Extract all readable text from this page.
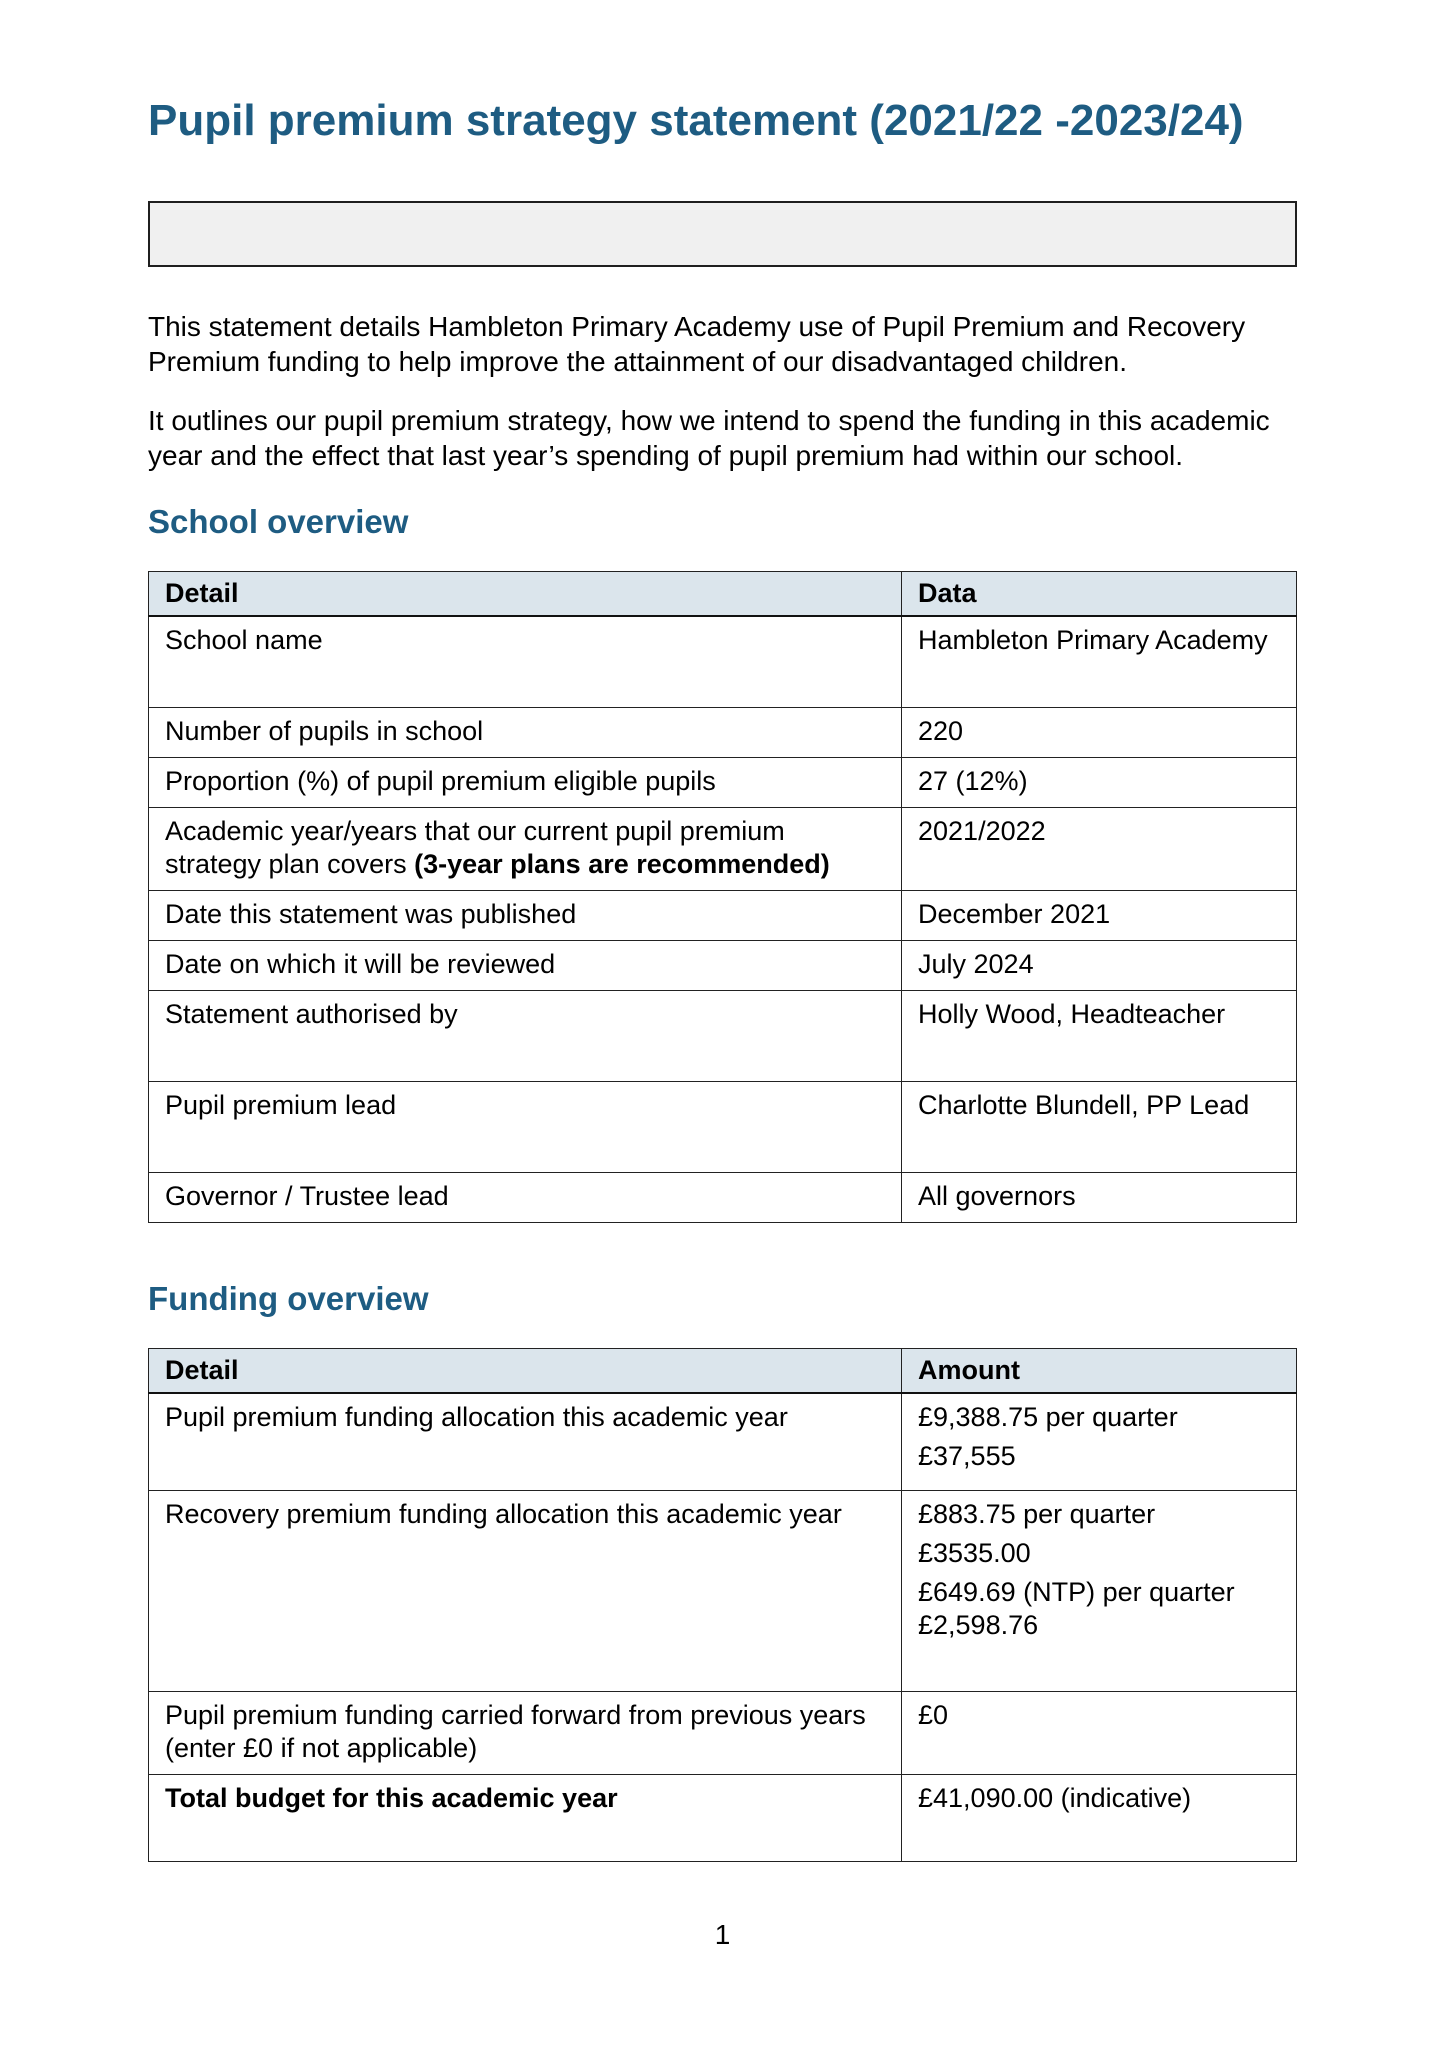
Pupil premium strategy statement (2021/22 -2023/24)

This statement details Hambleton Primary Academy use of Pupil Premium and Recovery Premium funding to help improve the attainment of our disadvantaged children.

It outlines our pupil premium strategy, how we intend to spend the funding in this academic year and the effect that last year’s spending of pupil premium had within our school.

School overview
Detail	Data
School name	Hambleton Primary Academy
Number of pupils in school	220
Proportion (%) of pupil premium eligible pupils	27 (12%)
Academic year/years that our current pupil premium strategy plan covers (3-year plans are recommended)	2021/2022
Date this statement was published	December 2021
Date on which it will be reviewed	July 2024
Statement authorised by	Holly Wood, Headteacher
Pupil premium lead	Charlotte Blundell, PP Lead
Governor / Trustee lead	All governors
Funding overview
Detail	Amount
Pupil premium funding allocation this academic year	£9,388.75 per quarter
£37,555

Recovery premium funding allocation this academic year	£883.75 per quarter
£3535.00
£649.69 (NTP) per quarter £2,598.76

Pupil premium funding carried forward from previous years (enter £0 if not applicable)	£0

Total budget for this academic year	£41,090.00 (indicative)
1
